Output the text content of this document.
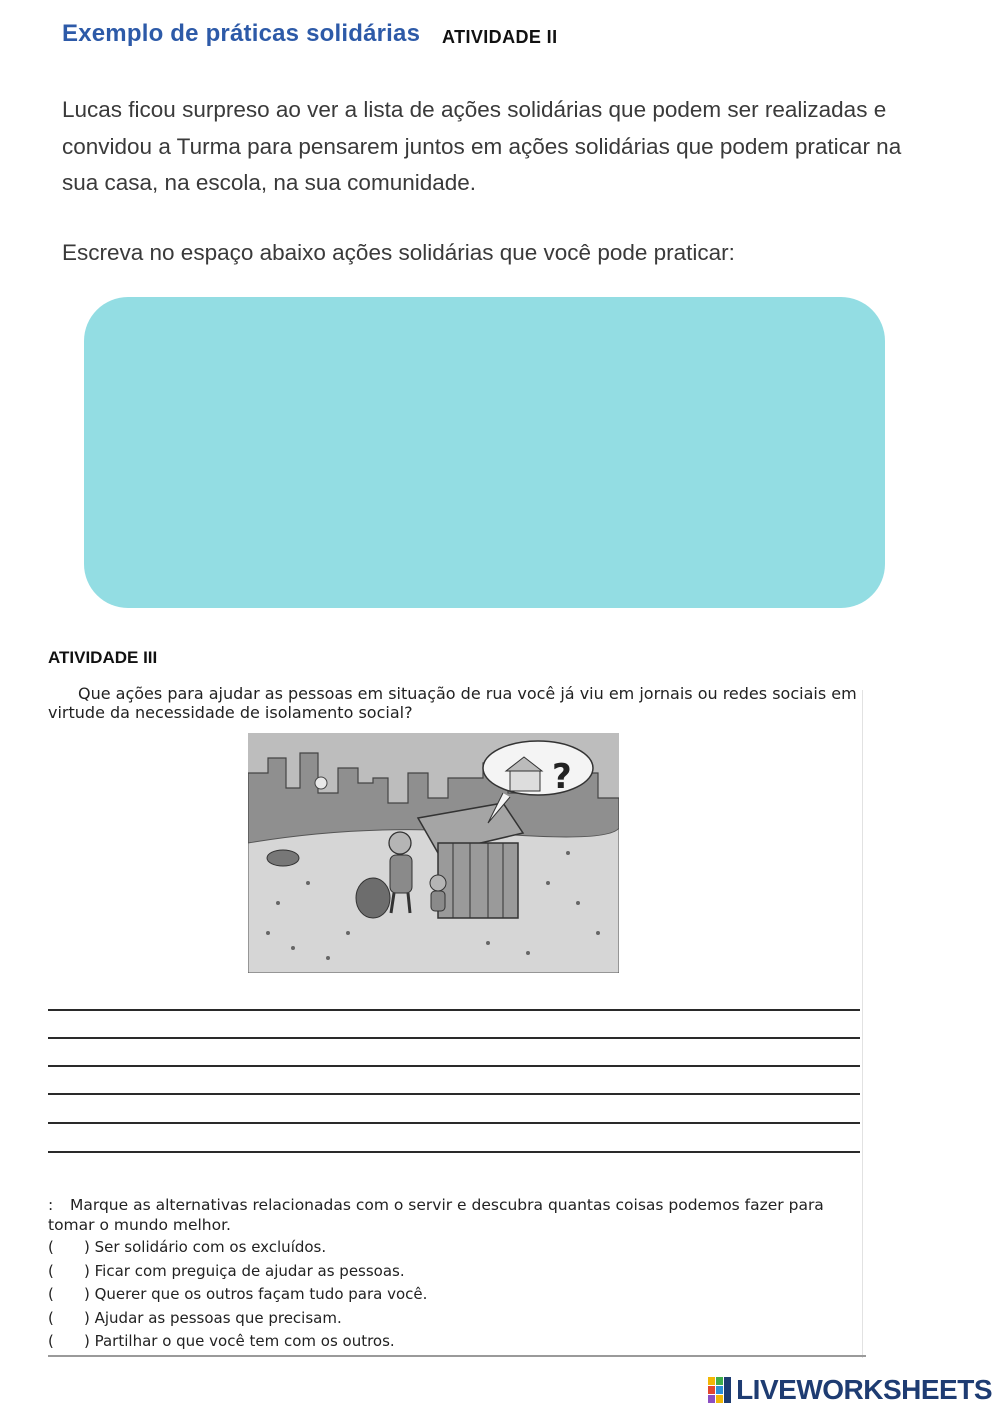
Exemplo de práticas solidárias ATIVIDADE II
Lucas ficou surpreso ao ver a lista de ações solidárias que podem ser realizadas e convidou a Turma para pensarem juntos em ações solidárias que podem praticar na sua casa, na escola, na sua comunidade.
Escreva no espaço abaixo ações solidárias que você pode praticar:
ATIVIDADE III
Que ações para ajudar as pessoas em situação de rua você já viu em jornais ou redes sociais em virtude da necessidade de isolamento social?
?
: Marque as alternativas relacionadas com o servir e descubra quantas coisas podemos fazer para tomar o mundo melhor.
( ) Ser solidário com os excluídos.
( ) Ficar com preguiça de ajudar as pessoas.
( ) Querer que os outros façam tudo para você.
( ) Ajudar as pessoas que precisam.
( ) Partilhar o que você tem com os outros.
LIVEWORKSHEETS
